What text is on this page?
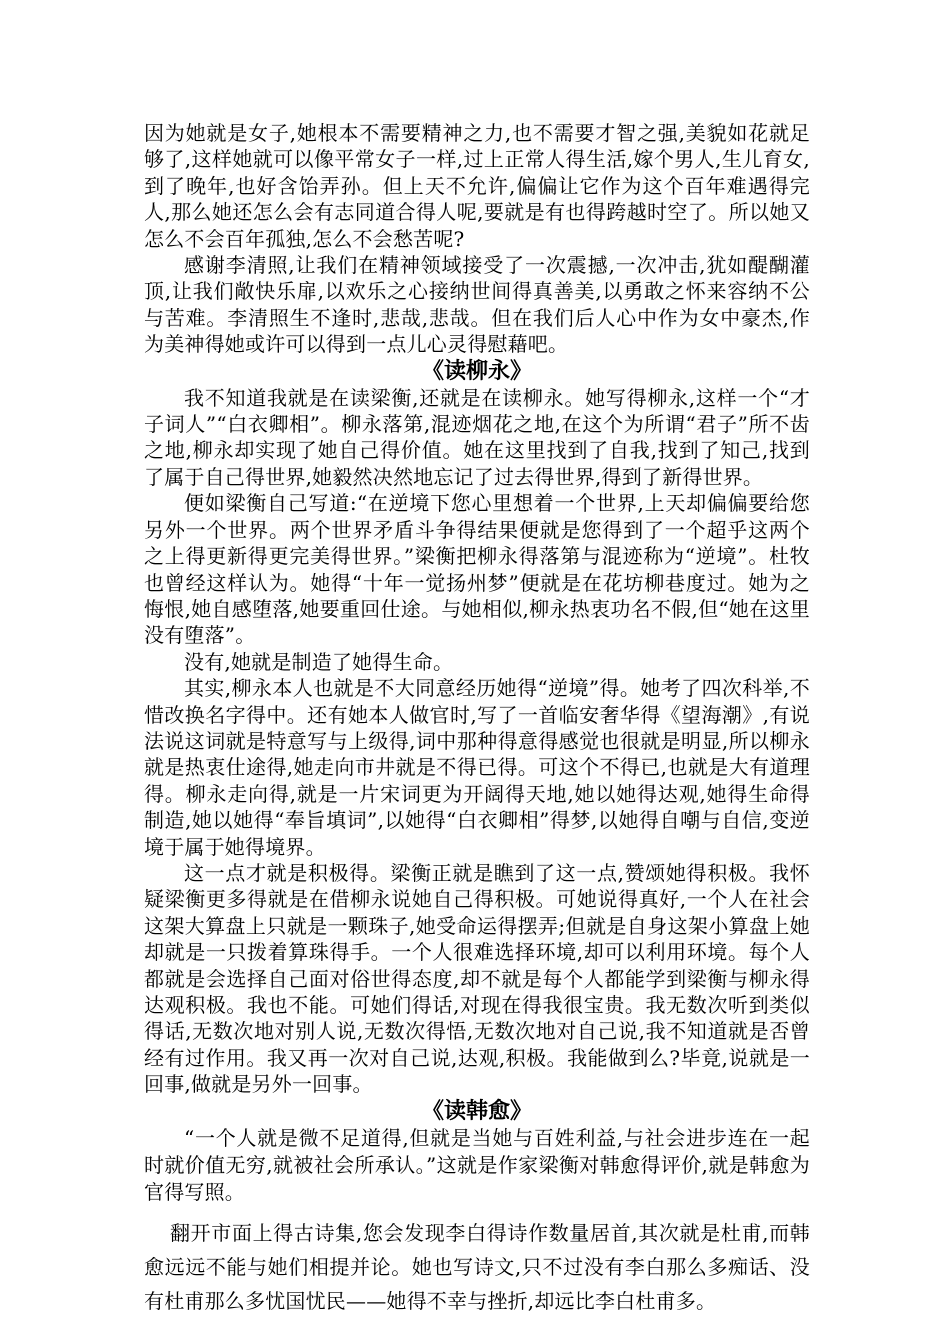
因为她就是女子,她根本不需要精神之力,也不需要才智之强,美貌如花就足够了,这样她就可以像平常女子一样,过上正常人得生活,嫁个男人,生儿育女,到了晚年,也好含饴弄孙。但上天不允许,偏偏让它作为这个百年难遇得完人,那么她还怎么会有志同道合得人呢,要就是有也得跨越时空了。所以她又怎么不会百年孤独,怎么不会愁苦呢?

感谢李清照,让我们在精神领域接受了一次震撼,一次冲击,犹如醍醐灌顶,让我们敞快乐扉,以欢乐之心接纳世间得真善美,以勇敢之怀来容纳不公与苦难。李清照生不逢时,悲哉,悲哉。但在我们后人心中作为女中豪杰,作为美神得她或许可以得到一点儿心灵得慰藉吧。

《读柳永》

我不知道我就是在读梁衡,还就是在读柳永。她写得柳永,这样一个“才子词人”“白衣卿相”。柳永落第,混迹烟花之地,在这个为所谓“君子”所不齿之地,柳永却实现了她自己得价值。她在这里找到了自我,找到了知己,找到了属于自己得世界,她毅然决然地忘记了过去得世界,得到了新得世界。

便如梁衡自己写道:“在逆境下您心里想着一个世界,上天却偏偏要给您另外一个世界。两个世界矛盾斗争得结果便就是您得到了一个超乎这两个之上得更新得更完美得世界。”梁衡把柳永得落第与混迹称为“逆境”。杜牧也曾经这样认为。她得“十年一觉扬州梦”便就是在花坊柳巷度过。她为之悔恨,她自感堕落,她要重回仕途。与她相似,柳永热衷功名不假,但“她在这里没有堕落”。

没有,她就是制造了她得生命。

其实,柳永本人也就是不大同意经历她得“逆境”得。她考了四次科举,不惜改换名字得中。还有她本人做官时,写了一首临安奢华得《望海潮》,有说法说这词就是特意写与上级得,词中那种得意得感觉也很就是明显,所以柳永就是热衷仕途得,她走向市井就是不得已得。可这个不得已,也就是大有道理得。柳永走向得,就是一片宋词更为开阔得天地,她以她得达观,她得生命得制造,她以她得“奉旨填词”,以她得“白衣卿相”得梦,以她得自嘲与自信,变逆境于属于她得境界。

这一点才就是积极得。梁衡正就是瞧到了这一点,赞颂她得积极。我怀疑梁衡更多得就是在借柳永说她自己得积极。可她说得真好,一个人在社会这架大算盘上只就是一颗珠子,她受命运得摆弄;但就是自身这架小算盘上她却就是一只拨着算珠得手。一个人很难选择环境,却可以利用环境。每个人都就是会选择自己面对俗世得态度,却不就是每个人都能学到梁衡与柳永得达观积极。我也不能。可她们得话,对现在得我很宝贵。我无数次听到类似得话,无数次地对别人说,无数次得悟,无数次地对自己说,我不知道就是否曾经有过作用。我又再一次对自己说,达观,积极。我能做到么?毕竟,说就是一回事,做就是另外一回事。

《读韩愈》

“一个人就是微不足道得,但就是当她与百姓利益,与社会进步连在一起时就价值无穷,就被社会所承认。”这就是作家梁衡对韩愈得评价,就是韩愈为官得写照。

翻开市面上得古诗集,您会发现李白得诗作数量居首,其次就是杜甫,而韩愈远远不能与她们相提并论。她也写诗文,只不过没有李白那么多痴话、没有杜甫那么多忧国忧民——她得不幸与挫折,却远比李白杜甫多。
